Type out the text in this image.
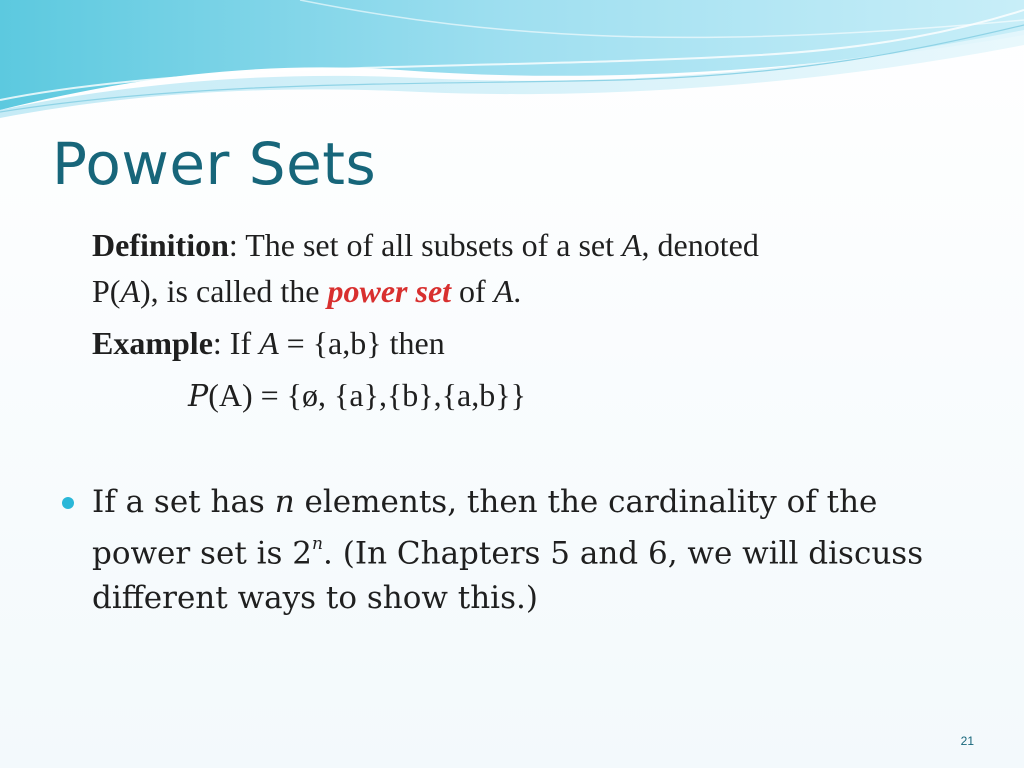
Power Sets
Definition: The set of all subsets of a set A, denoted
P(A), is called the power set of A.
Example: If A = {a,b} then
P(A) = {ø, {a},{b},{a,b}}
If a set has n elements, then the cardinality of the power set is 2$^n$. (In Chapters 5 and 6, we will discuss different ways to show this.)
21
